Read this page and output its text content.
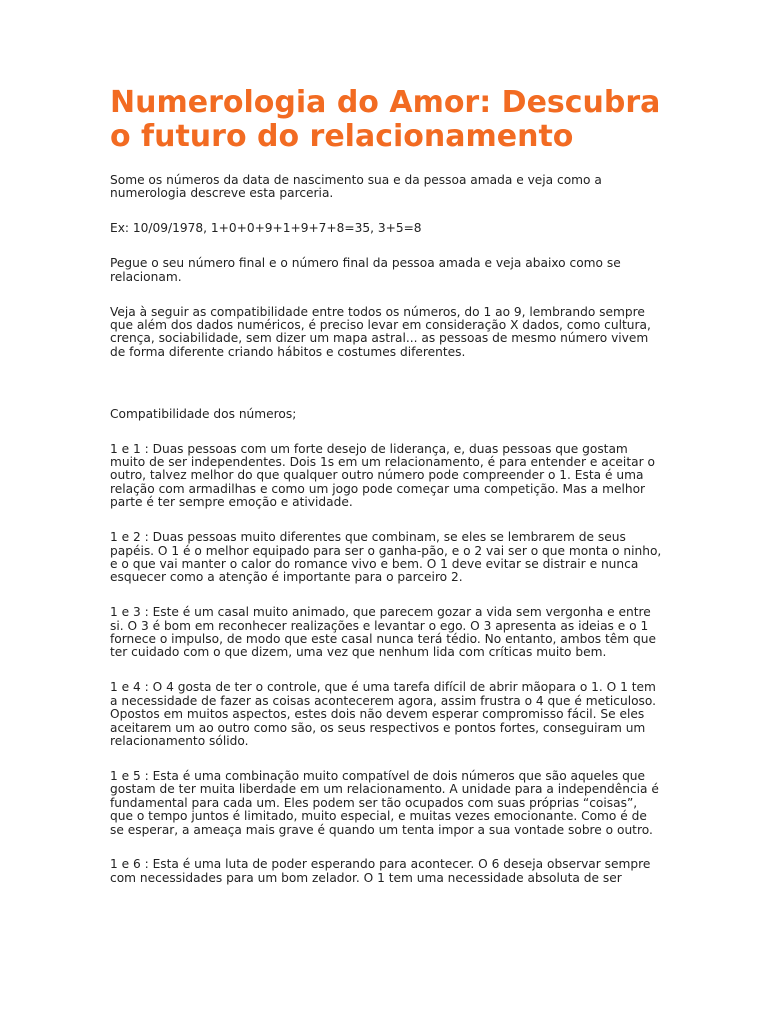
Numerologia do Amor: Descubra o futuro do relacionamento

Some os números da data de nascimento sua e da pessoa amada e veja como a numerologia descreve esta parceria.

Ex: 10/09/1978, 1+0+0+9+1+9+7+8=35, 3+5=8

Pegue o seu número final e o número final da pessoa amada e veja abaixo como se relacionam.

Veja à seguir as compatibilidade entre todos os números, do 1 ao 9, lembrando sempre que além dos dados numéricos, é preciso levar em consideração X dados, como cultura, crença, sociabilidade, sem dizer um mapa astral... as pessoas de mesmo número vivem de forma diferente criando hábitos e costumes diferentes.

Compatibilidade dos números;

1 e 1 : Duas pessoas com um forte desejo de liderança, e, duas pessoas que gostam muito de ser independentes. Dois 1s em um relacionamento, é para entender e aceitar o outro, talvez melhor do que qualquer outro número pode compreender o 1. Esta é uma relação com armadilhas e como um jogo pode começar uma competição. Mas a melhor parte é ter sempre emoção e atividade.

1 e 2 : Duas pessoas muito diferentes que combinam, se eles se lembrarem de seus papéis. O 1 é o melhor equipado para ser o ganha-pão, e o 2 vai ser o que monta o ninho, e o que vai manter o calor do romance vivo e bem. O 1 deve evitar se distrair e nunca esquecer como a atenção é importante para o parceiro 2.

1 e 3 : Este é um casal muito animado, que parecem gozar a vida sem vergonha e entre si. O 3 é bom em reconhecer realizações e levantar o ego. O 3 apresenta as ideias e o 1 fornece o impulso, de modo que este casal nunca terá tédio. No entanto, ambos têm que ter cuidado com o que dizem, uma vez que nenhum lida com críticas muito bem.

1 e 4 : O 4 gosta de ter o controle, que é uma tarefa difícil de abrir mãopara o 1. O 1 tem a necessidade de fazer as coisas acontecerem agora, assim frustra o 4 que é meticuloso. Opostos em muitos aspectos, estes dois não devem esperar compromisso fácil. Se eles aceitarem um ao outro como são, os seus respectivos e pontos fortes, conseguiram um relacionamento sólido.

1 e 5 : Esta é uma combinação muito compatível de dois números que são aqueles que gostam de ter muita liberdade em um relacionamento. A unidade para a independência é fundamental para cada um. Eles podem ser tão ocupados com suas próprias “coisas”, que o tempo juntos é limitado, muito especial, e muitas vezes emocionante. Como é de se esperar, a ameaça mais grave é quando um tenta impor a sua vontade sobre o outro.

1 e 6 : Esta é uma luta de poder esperando para acontecer. O 6 deseja observar sempre com necessidades para um bom zelador. O 1 tem uma necessidade absoluta de ser
